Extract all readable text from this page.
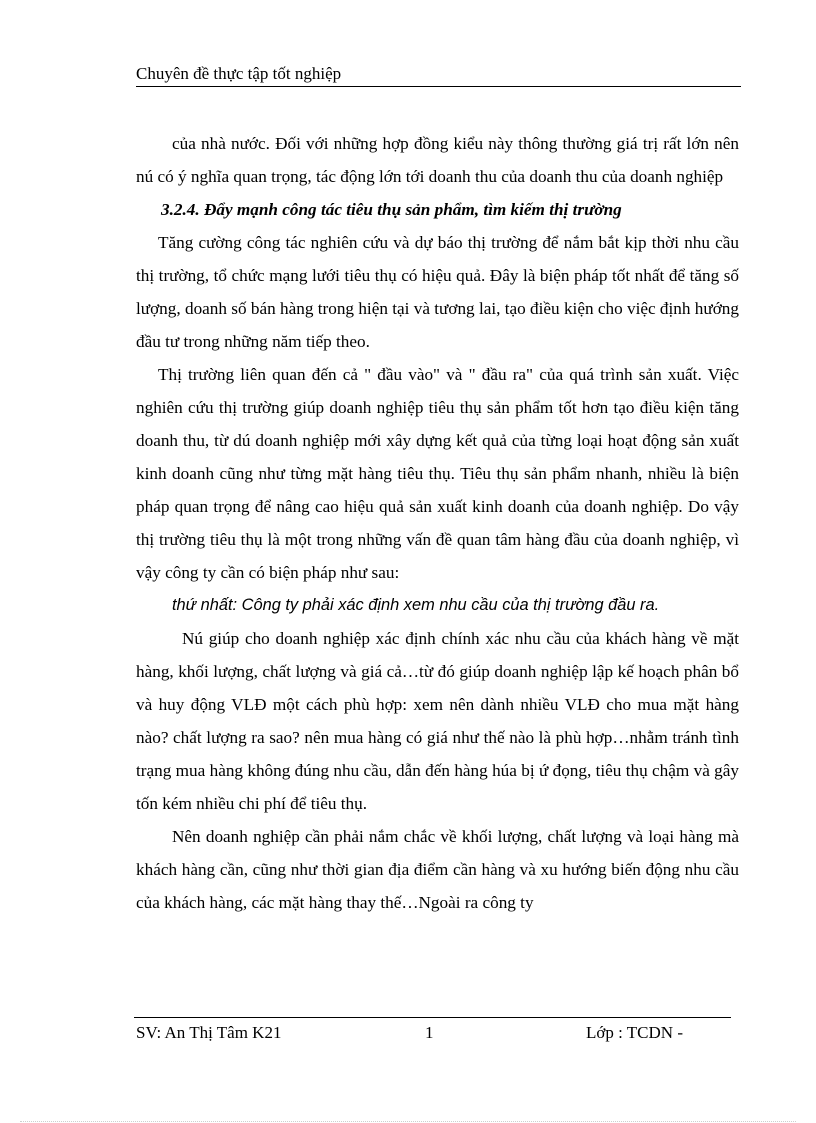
Chuyên đề thực tập tốt nghiệp

của nhà nước. Đối với những hợp đồng kiểu này thông thường giá trị rất lớn nên nú có ý nghĩa quan trọng, tác động lớn tới doanh thu của doanh thu của doanh nghiệp

3.2.4. Đẩy mạnh công tác tiêu thụ sản phẩm, tìm kiếm thị trường

Tăng cường công tác nghiên cứu và dự báo thị trường để nắm bắt kịp thời nhu cầu thị trường, tổ chức mạng lưới tiêu thụ có hiệu quả. Đây là biện pháp tốt nhất để tăng số lượng, doanh số bán hàng trong hiện tại và tương lai, tạo điều kiện cho việc định hướng đầu tư trong những năm tiếp theo.

Thị trường liên quan đến cả " đầu vào" và " đầu ra" của quá trình sản xuất. Việc nghiên cứu thị trường giúp doanh nghiệp tiêu thụ sản phẩm tốt hơn tạo điều kiện tăng doanh thu, từ dú doanh nghiệp mới xây dựng kết quả của từng loại hoạt động sản xuất kinh doanh cũng như từng mặt hàng tiêu thụ. Tiêu thụ sản phẩm nhanh, nhiều là biện pháp quan trọng để nâng cao hiệu quả sản xuất kinh doanh của doanh nghiệp. Do vậy thị trường tiêu thụ là một trong những vấn đề quan tâm hàng đầu của doanh nghiệp, vì vậy công ty cần có biện pháp như sau:

thứ nhất: Công ty phải xác định xem nhu cầu của thị trường đầu ra.

Nú giúp cho doanh nghiệp xác định chính xác nhu cầu của khách hàng về mặt hàng, khối lượng, chất lượng và giá cả…từ đó giúp doanh nghiệp lập kế hoạch phân bổ và huy động VLĐ một cách phù hợp: xem nên dành nhiều VLĐ cho mua mặt hàng nào? chất lượng ra sao? nên mua hàng có giá như thế nào là phù hợp…nhằm tránh tình trạng mua hàng không đúng nhu cầu, dẫn đến hàng húa bị ứ đọng, tiêu thụ chậm và gây tốn kém nhiều chi phí để tiêu thụ.

Nên doanh nghiệp cần phải nắm chắc về khối lượng, chất lượng và loại hàng mà khách hàng cần, cũng như thời gian địa điểm cần hàng và xu hướng biến động nhu cầu của khách hàng, các mặt hàng thay thế…Ngoài ra công ty

SV: An Thị Tâm K21	1	Lớp : TCDN -
